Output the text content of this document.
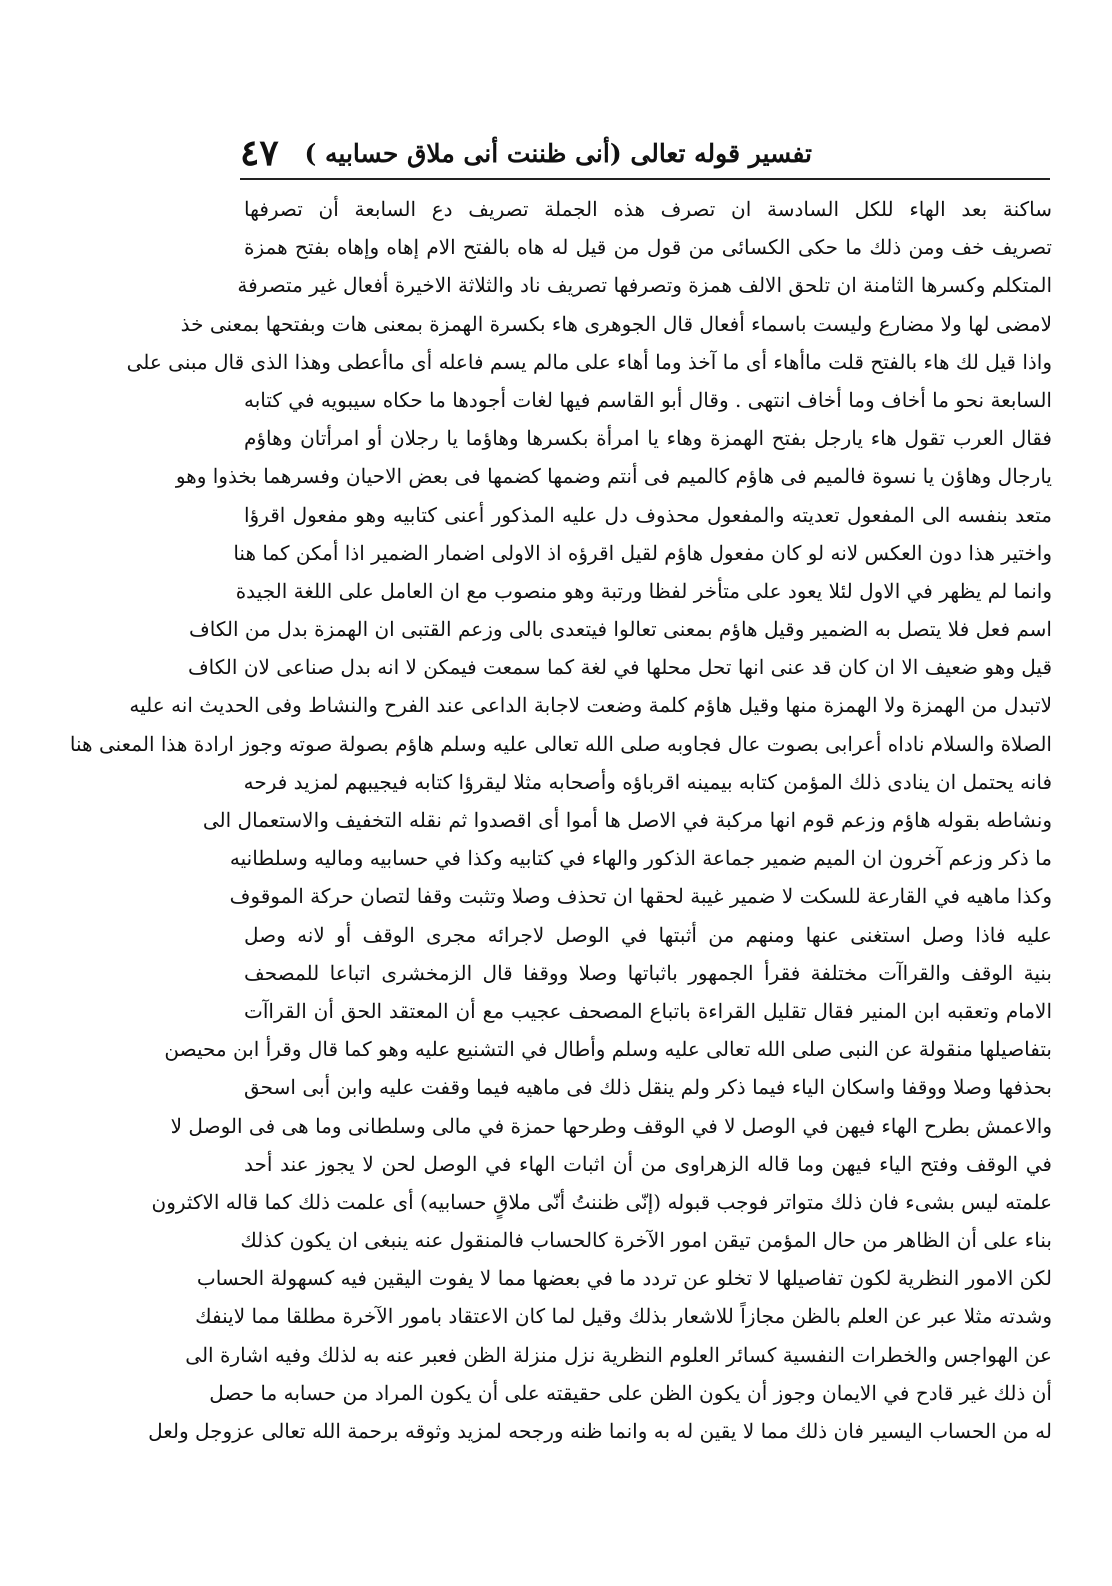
تفسير قوله تعالى (أنى ظننت أنى ملاق حسابيه )
٤٧
ساكنة بعد الهاء للكل السادسة ان تصرف هذه الجملة تصريف دع السابعة أن تصرفها
تصريف خف ومن ذلك ما حكى الكسائى من قول من قيل له هاه بالفتح الام إهاه وإهاه بفتح همزة
المتكلم وكسرها الثامنة ان تلحق الالف همزة وتصرفها تصريف ناد والثلاثة الاخيرة أفعال غير متصرفة
لامضى لها ولا مضارع وليست باسماء أفعال قال الجوهرى هاء بكسرة الهمزة بمعنى هات وبفتحها بمعنى خذ
واذا قيل لك هاء بالفتح قلت ماأهاء أى ما آخذ وما أهاء على مالم يسم فاعله أى ماأعطى وهذا الذى قال مبنى على
السابعة نحو ما أخاف وما أخاف انتهى . وقال أبو القاسم فيها لغات أجودها ما حكاه سيبويه في كتابه
فقال العرب تقول هاء يارجل بفتح الهمزة وهاء يا امرأة بكسرها وهاؤما يا رجلان أو امرأتان وهاؤم
يارجال وهاؤن يا نسوة فالميم فى هاؤم كالميم فى أنتم وضمها كضمها فى بعض الاحيان وفسرهما بخذوا وهو
متعد بنفسه الى المفعول تعديته والمفعول محذوف دل عليه المذكور أعنى كتابيه وهو مفعول اقرؤا
واختير هذا دون العكس لانه لو كان مفعول هاؤم لقيل اقرؤه اذ الاولى اضمار الضمير اذا أمكن كما هنا
وانما لم يظهر في الاول لئلا يعود على متأخر لفظا ورتبة وهو منصوب مع ان العامل على اللغة الجيدة
اسم فعل فلا يتصل به الضمير وقيل هاؤم بمعنى تعالوا فيتعدى بالى وزعم القتبى ان الهمزة بدل من الكاف
قيل وهو ضعيف الا ان كان قد عنى انها تحل محلها في لغة كما سمعت فيمكن لا انه بدل صناعى لان الكاف
لاتبدل من الهمزة ولا الهمزة منها وقيل هاؤم كلمة وضعت لاجابة الداعى عند الفرح والنشاط وفى الحديث انه عليه
الصلاة والسلام ناداه أعرابى بصوت عال فجاوبه صلى الله تعالى عليه وسلم هاؤم بصولة صوته وجوز ارادة هذا المعنى هنا
فانه يحتمل ان ينادى ذلك المؤمن كتابه بيمينه اقرباؤه وأصحابه مثلا ليقرؤا كتابه فيجيبهم لمزيد فرحه
ونشاطه بقوله هاؤم وزعم قوم انها مركبة في الاصل ها أموا أى اقصدوا ثم نقله التخفيف والاستعمال الى
ما ذكر وزعم آخرون ان الميم ضمير جماعة الذكور والهاء في كتابيه وكذا في حسابيه وماليه وسلطانيه
وكذا ماهيه في القارعة للسكت لا ضمير غيبة لحقها ان تحذف وصلا وتثبت وقفا لتصان حركة الموقوف
عليه فاذا وصل استغنى عنها ومنهم من أثبتها في الوصل لاجرائه مجرى الوقف أو لانه وصل
بنية الوقف والقراآت مختلفة فقرأ الجمهور باثباتها وصلا ووقفا قال الزمخشرى اتباعا للمصحف
الامام وتعقبه ابن المنير فقال تقليل القراءة باتباع المصحف عجيب مع أن المعتقد الحق أن القراآت
بتفاصيلها منقولة عن النبى صلى الله تعالى عليه وسلم وأطال في التشنيع عليه وهو كما قال وقرأ ابن محيصن
بحذفها وصلا ووقفا واسكان الياء فيما ذكر ولم ينقل ذلك فى ماهيه فيما وقفت عليه وابن أبى اسحق
والاعمش بطرح الهاء فيهن في الوصل لا في الوقف وطرحها حمزة في مالى وسلطانى وما هى فى الوصل لا
في الوقف وفتح الياء فيهن وما قاله الزهراوى من أن اثبات الهاء في الوصل لحن لا يجوز عند أحد
علمته ليس بشىء فان ذلك متواتر فوجب قبوله (إنّى ظننتُ أنّى ملاقٍ حسابيه) أى علمت ذلك كما قاله الاكثرون
بناء على أن الظاهر من حال المؤمن تيقن امور الآخرة كالحساب فالمنقول عنه ينبغى ان يكون كذلك
لكن الامور النظرية لكون تفاصيلها لا تخلو عن تردد ما في بعضها مما لا يفوت اليقين فيه كسهولة الحساب
وشدته مثلا عبر عن العلم بالظن مجازاً للاشعار بذلك وقيل لما كان الاعتقاد بامور الآخرة مطلقا مما لاينفك
عن الهواجس والخطرات النفسية كسائر العلوم النظرية نزل منزلة الظن فعبر عنه به لذلك وفيه اشارة الى
أن ذلك غير قادح في الايمان وجوز أن يكون الظن على حقيقته على أن يكون المراد من حسابه ما حصل
له من الحساب اليسير فان ذلك مما لا يقين له به وانما ظنه ورجحه لمزيد وثوقه برحمة الله تعالى عزوجل ولعل
